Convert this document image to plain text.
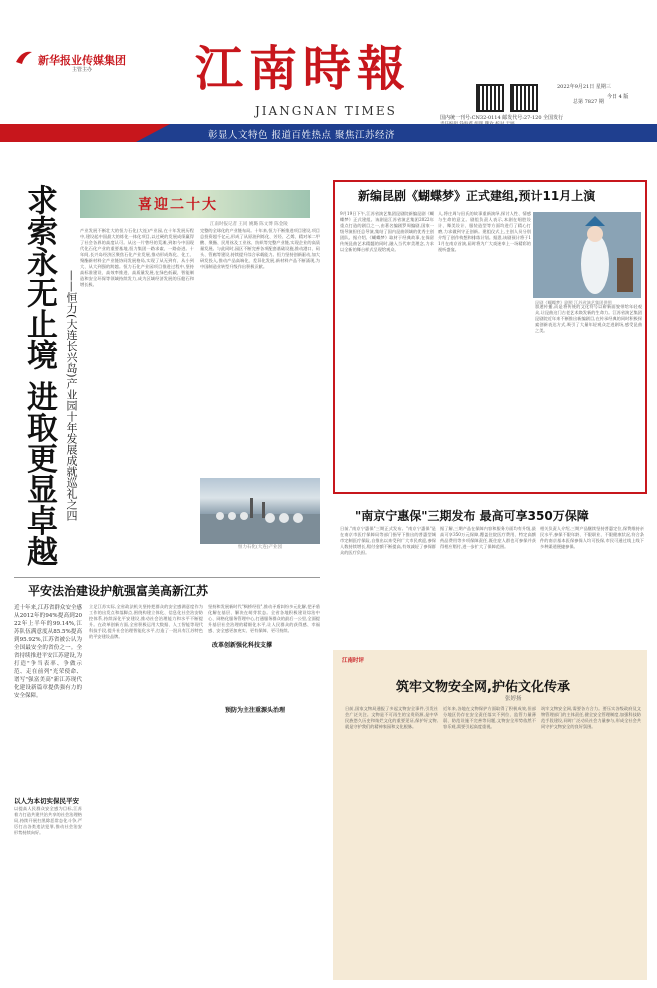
新华报业传媒集团
主管主办 江南時報
JIANGNAN TIMES
今日 4 版
2022年9月21日 星期三
总第 7827 期
国内统一刊号:CN32-0114 邮发代号:27-120 全国发行
彰显人文特色 报道百姓热点 聚焦江苏经济
求索永无止境 进取更显卓越 ——恒力(大连长兴岛)产业园十年发展成就巡礼之四
喜迎二十大
江南时报记者 王同 姚璐 陈文博 陈金陵
产业发展不断壮大的恒力石化(大连)产业园,在十年发展历程中,建设起中国最大的炼化一体化项目,以过硬的发展成绩赢得了社会各界的高度认可。从这一片曾经的荒滩,到如今中国现代化石化产业的重要基地,恒力集团一路求索、一路奋进。十年间,长兴岛经济区聚焦石化产业发展,推动形成炼化、化工、聚酯新材料全产业链协同发展格局,实现了从无到有、从小到大、从大到强的跨越。恒力石化产业园项目推进过程中,坚持高标准建设、高效率推进、高质量发展,在绿色低碳、智能制造和安全环保等领域持续发力,成为区域经济发展的压舱石和增长极。
完整的全球化的产业链布局。十年来,恒力不断推进项目建设,项目总投资超千亿元,形成了从原油到炼化、芳烃、乙烯、精对苯二甲酸、聚酯、民用丝及工业丝、纺织等完整产业链,实现企业的高质量发展。与此同时,园区不断完善各项配套基础设施,推动港口、码头、管廊等建设,持续提升综合承载能力。恒力坚持创新驱动,加大研发投入,推动产品高端化、差异化发展,新材料产品不断涌现,为中国制造业转型升级作出积极贡献。
恒力石化(大连)产业园
新编昆剧《蝴蝶梦》正式建组,预计11月上演
9月19日下午,江苏省演艺集团昆剧院新编昆剧《蝴蝶梦》正式建组。该剧是江苏省演艺集团2022年重点打造的剧目之一,由著名编剧罗周编剧,国家一级导演担任总导演,集结了国内昆曲领域的优秀主创团队。据介绍,《蝴蝶梦》取材于经典故事,在保留传统昆曲艺术精髓的同时,融入当代审美理念,力求以全新的舞台样式呈现给观众。
人,将庄周与田氏的故事重新演绎,探讨人性、情感与生命的意义。剧组负责人表示,本剧在唱腔设计、舞美设计、服装造型等方面均进行了精心打磨,力求做到守正创新。建组仪式上,主创人员分别介绍了创作构想和排练计划。据悉,该剧预计将于11月在南京首演,届时将为广大戏迷奉上一场精彩的视听盛宴。
昆剧《蝴蝶梦》剧照 江苏省演艺集团供图
加速传播,而是将传统的文化符号以崭新面貌带给年轻观众,让昆曲这门古老艺术焕发新的生命力。江苏省演艺集团昆剧院近年来不断推出新编剧目,在传承经典的同时积极探索创新表达方式,吸引了大量年轻观众走进剧场,感受昆曲之美。
"南京宁惠保"三期发布 最高可享350万保障
日前,"南京宁惠保"三期正式发布。"南京宁惠保"是在南京市医疗保障局等部门指导下推出的普惠型城市定制医疗保险,自推出以来受到广大市民欢迎,参保人数持续增长,赔付金额不断提高,有效减轻了参保群众的医疗负担。
据了解,三期产品在保障内容和服务方面均有升级,最高可享350万元保障,覆盖住院医疗费用、特定高额药品费用等多项保障责任,既往症人群也可参保并获得相应赔付,进一步扩大了保障范围。
相关负责人介绍,三期产品继续坚持普惠定位,保费维持亲民水平,参保不限年龄、不限职业、不限健康状况,符合条件的南京基本医保参保人均可投保,市民可通过线上线下多种渠道便捷参保。
平安法治建设护航强富美高新江苏
近十年来,江苏省群众安全感从2012年的94%提高到2022年上半年的99.14%,江苏队伍满意度从85.5%提高到95.92%,江苏省被公认为全国最安全的省份之一。全省持续推进平安江苏建设,为打造"争当表率、争做示范、走在前列"光荣使命、谱写"强富美高"新江苏现代化建设新篇章提供强有力的安全保障。
以人为本切实保民平安
以提高人民群众安全感为目标,江苏着力打造共建共治共享的社会治理格局,持续开展扫黑除恶常态化斗争,严厉打击各类违法犯罪,推动社会治安形势持续向好。
立足江苏实际,全省政法机关坚持把群众的安全感满意度作为工作的出发点和落脚点,围绕构建立体化、信息化社会治安防控体系,持续深化平安建设,推动社会治理能力和水平不断提升。在改革创新方面,全省积极运用大数据、人工智能等现代科技手段,提升社会治理智能化水平,打造了一批具有江苏特色的平安建设品牌。
坚持和发展新时代"枫桥经验",推动矛盾纠纷多元化解,把矛盾化解在基层、解决在萌芽状态。全省各地积极建设综治中心、网格化服务管理中心,打通服务群众的最后一公里,全面提升基层社会治理的精细化水平,让人民群众的获得感、幸福感、安全感更加充实、更有保障、更可持续。
预防为主注重源头治理
改革创新强化科技支撑
江南时评
筑牢文物安全网,护佑文化传承
张婷扬
日前,国家文物局通报了多起文物安全事件,引发社会广泛关注。文物是不可再生的宝贵资源,是中华民族悠久历史和灿烂文化的重要见证,保护好文物,就是守护我们的精神家园和文化根脉。
近年来,各地在文物保护方面取得了积极成效,但部分地区仍存在安全责任落实不到位、监管力量薄弱、防范设施不完善等问题,文物安全形势依然不容乐观,需要引起高度重视。
筑牢文物安全网,需要各方合力。要压实各级政府及文物管理部门的主体责任,健全安全管理制度,加强科技防范手段建设,同时广泛动员社会力量参与,形成全社会共同守护文物安全的良好氛围。
